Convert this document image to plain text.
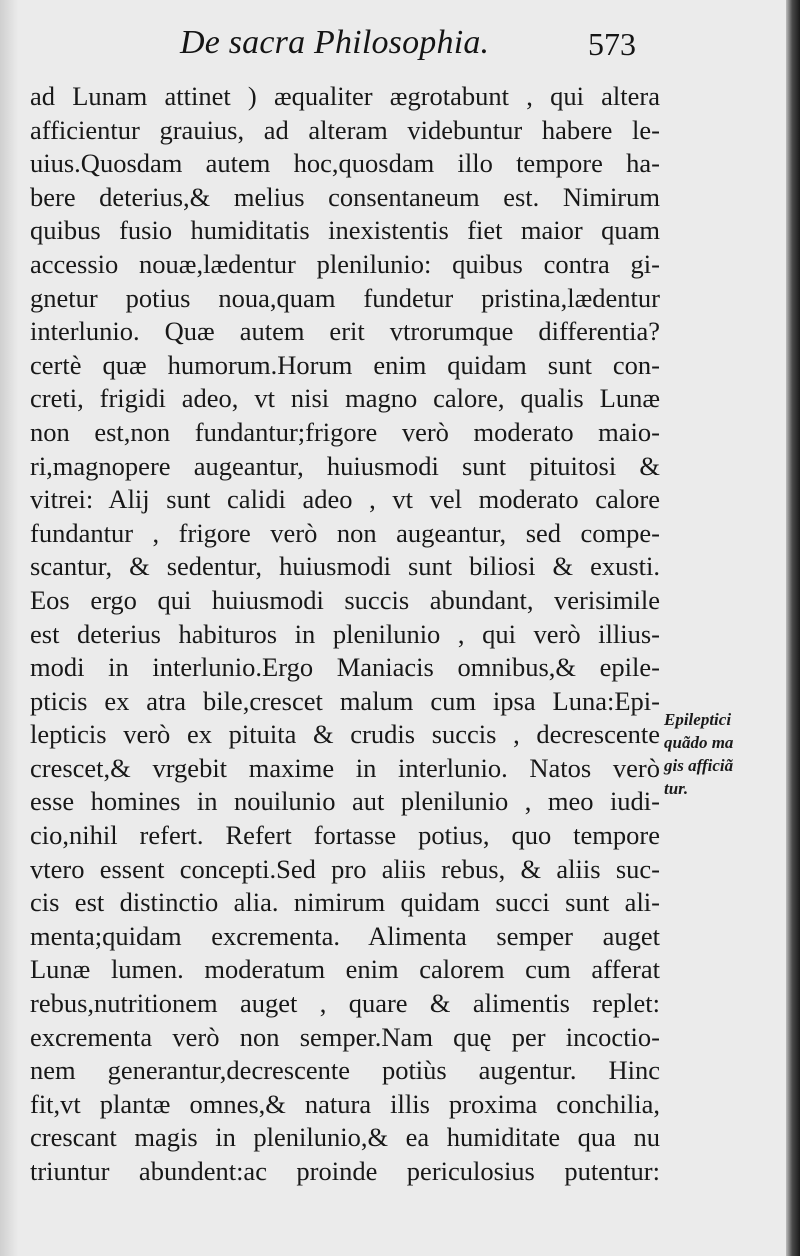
De sacra Philosophia.	573
ad Lunam attinet ) æqualiter ægrotabunt , qui altera
afficientur grauius, ad alteram videbuntur habere le-
uius.Quosdam autem hoc,quosdam illo tempore ha-
bere deterius,& melius consentaneum est. Nimirum
quibus fusio humiditatis inexistentis fiet maior quam
accessio nouæ,lædentur plenilunio: quibus contra gi-
gnetur potius noua,quam fundetur pristina,lædentur
interlunio. Quæ autem erit vtrorumque differentia?
certè quæ humorum.Horum enim quidam sunt con-
creti, frigidi adeo, vt nisi magno calore, qualis Lunæ
non est,non fundantur;frigore verò moderato maio-
ri,magnopere augeantur, huiusmodi sunt pituitosi &
vitrei: Alij sunt calidi adeo , vt vel moderato calore
fundantur , frigore verò non augeantur, sed compe-
scantur, & sedentur, huiusmodi sunt biliosi & exusti.
Eos ergo qui huiusmodi succis abundant, verisimile
est deterius habituros in plenilunio , qui verò illius-
modi in interlunio.Ergo Maniacis omnibus,& epile-
pticis ex atra bile,crescet malum cum ipsa Luna:Epi-
lepticis verò ex pituita & crudis succis , decrescente
crescet,& vrgebit maxime in interlunio. Natos verò
esse homines in nouilunio aut plenilunio , meo iudi-
cio,nihil refert. Refert fortasse potius, quo tempore
vtero essent concepti.Sed pro aliis rebus, & aliis suc-
cis est distinctio alia. nimirum quidam succi sunt ali-
menta;quidam excrementa. Alimenta semper auget
Lunæ lumen. moderatum enim calorem cum afferat
rebus,nutritionem auget , quare & alimentis replet:
excrementa verò non semper.Nam quę per incoctio-
nem generantur,decrescente potiùs augentur. Hinc
fit,vt plantæ omnes,& natura illis proxima conchilia,
crescant magis in plenilunio,& ea humiditate qua nu
triuntur abundent:ac proinde periculosius putentur:
Epileptici
quãdo ma
gis afficiã
tur.
